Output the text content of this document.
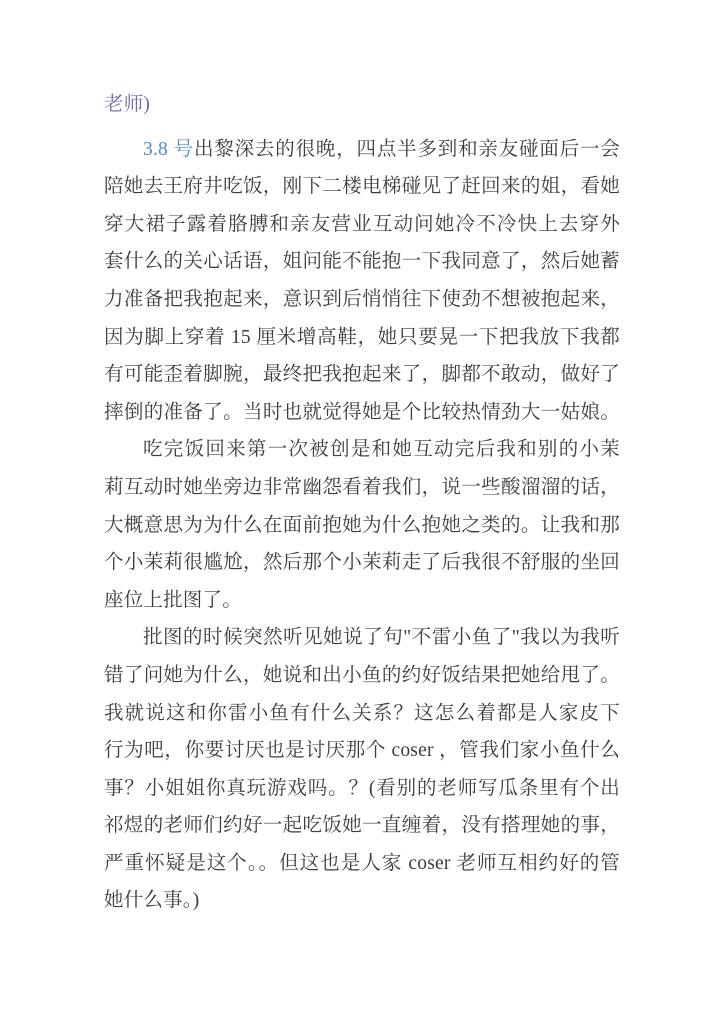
老师)
3.8 号出黎深去的很晚，四点半多到和亲友碰面后一会
陪她去王府井吃饭，刚下二楼电梯碰见了赶回来的姐，看她
穿大裙子露着胳膊和亲友营业互动问她冷不冷快上去穿外
套什么的关心话语，姐问能不能抱一下我同意了，然后她蓄
力准备把我抱起来，意识到后悄悄往下使劲不想被抱起来，
因为脚上穿着 15 厘米增高鞋，她只要晃一下把我放下我都
有可能歪着脚腕，最终把我抱起来了，脚都不敢动，做好了
摔倒的准备了。当时也就觉得她是个比较热情劲大一姑娘。
吃完饭回来第一次被创是和她互动完后我和别的小茉
莉互动时她坐旁边非常幽怨看着我们，说一些酸溜溜的话，
大概意思为为什么在面前抱她为什么抱她之类的。让我和那
个小茉莉很尴尬，然后那个小茉莉走了后我很不舒服的坐回
座位上批图了。
批图的时候突然听见她说了句"不雷小鱼了"我以为我听
错了问她为什么，她说和出小鱼的约好饭结果把她给甩了。
我就说这和你雷小鱼有什么关系？这怎么着都是人家皮下
行为吧，你要讨厌也是讨厌那个 coser ，管我们家小鱼什么
事？小姐姐你真玩游戏吗。？(看别的老师写瓜条里有个出
祁煜的老师们约好一起吃饭她一直缠着，没有搭理她的事，
严重怀疑是这个。。但这也是人家 coser 老师互相约好的管
她什么事。)
